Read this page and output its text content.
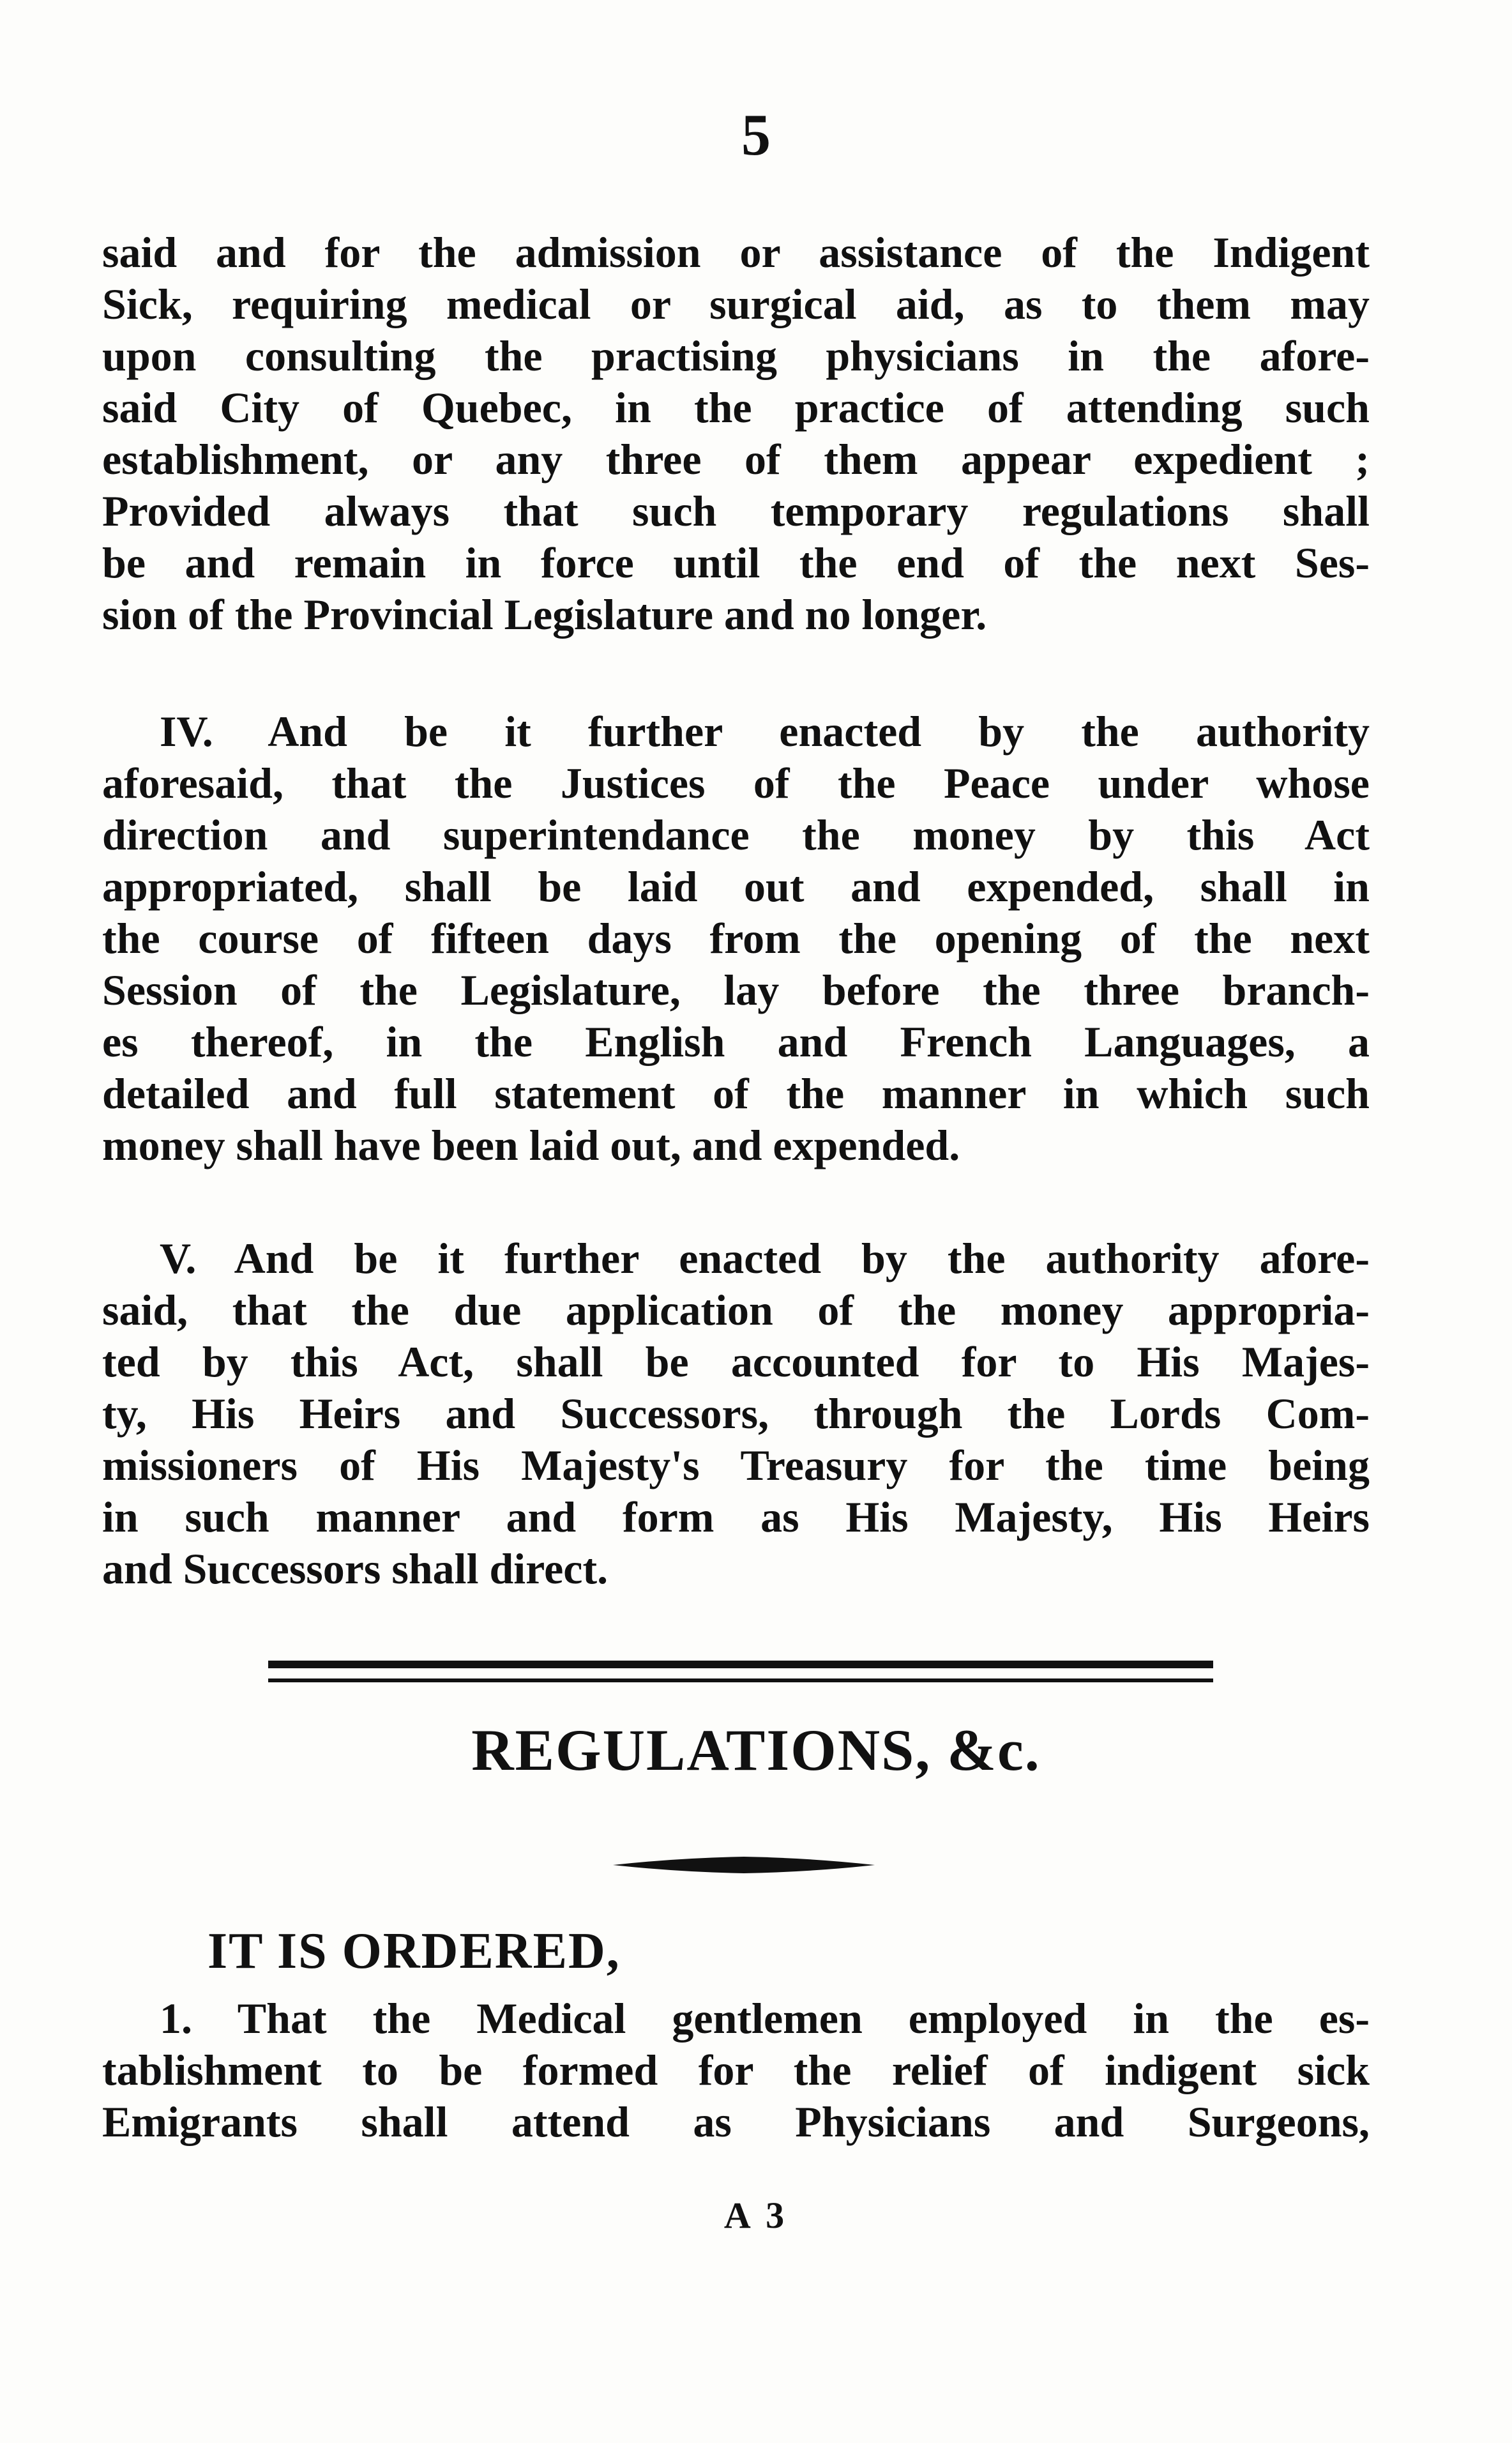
5
said and for the admission or assistance of the Indigent
Sick, requiring medical or surgical aid, as to them may
upon consulting the practising physicians in the afore-
said City of Quebec, in the practice of attending such
establishment, or any three of them appear expedient ;
Provided always that such temporary regulations shall
be and remain in force until the end of the next Ses-
sion of the Provincial Legislature and no longer.
IV. And be it further enacted by the authority
aforesaid, that the Justices of the Peace under whose
direction and superintendance the money by this Act
appropriated, shall be laid out and expended, shall in
the course of fifteen days from the opening of the next
Session of the Legislature, lay before the three branch-
es thereof, in the English and French Languages, a
detailed and full statement of the manner in which such
money shall have been laid out, and expended.
V. And be it further enacted by the authority afore-
said, that the due application of the money appropria-
ted by this Act, shall be accounted for to His Majes-
ty, His Heirs and Successors, through the Lords Com-
missioners of His Majesty's Treasury for the time being
in such manner and form as His Majesty, His Heirs
and Successors shall direct.
REGULATIONS, &c.
IT IS ORDERED,
1. That the Medical gentlemen employed in the es-
tablishment to be formed for the relief of indigent sick
Emigrants shall attend as Physicians and Surgeons,
A 3
